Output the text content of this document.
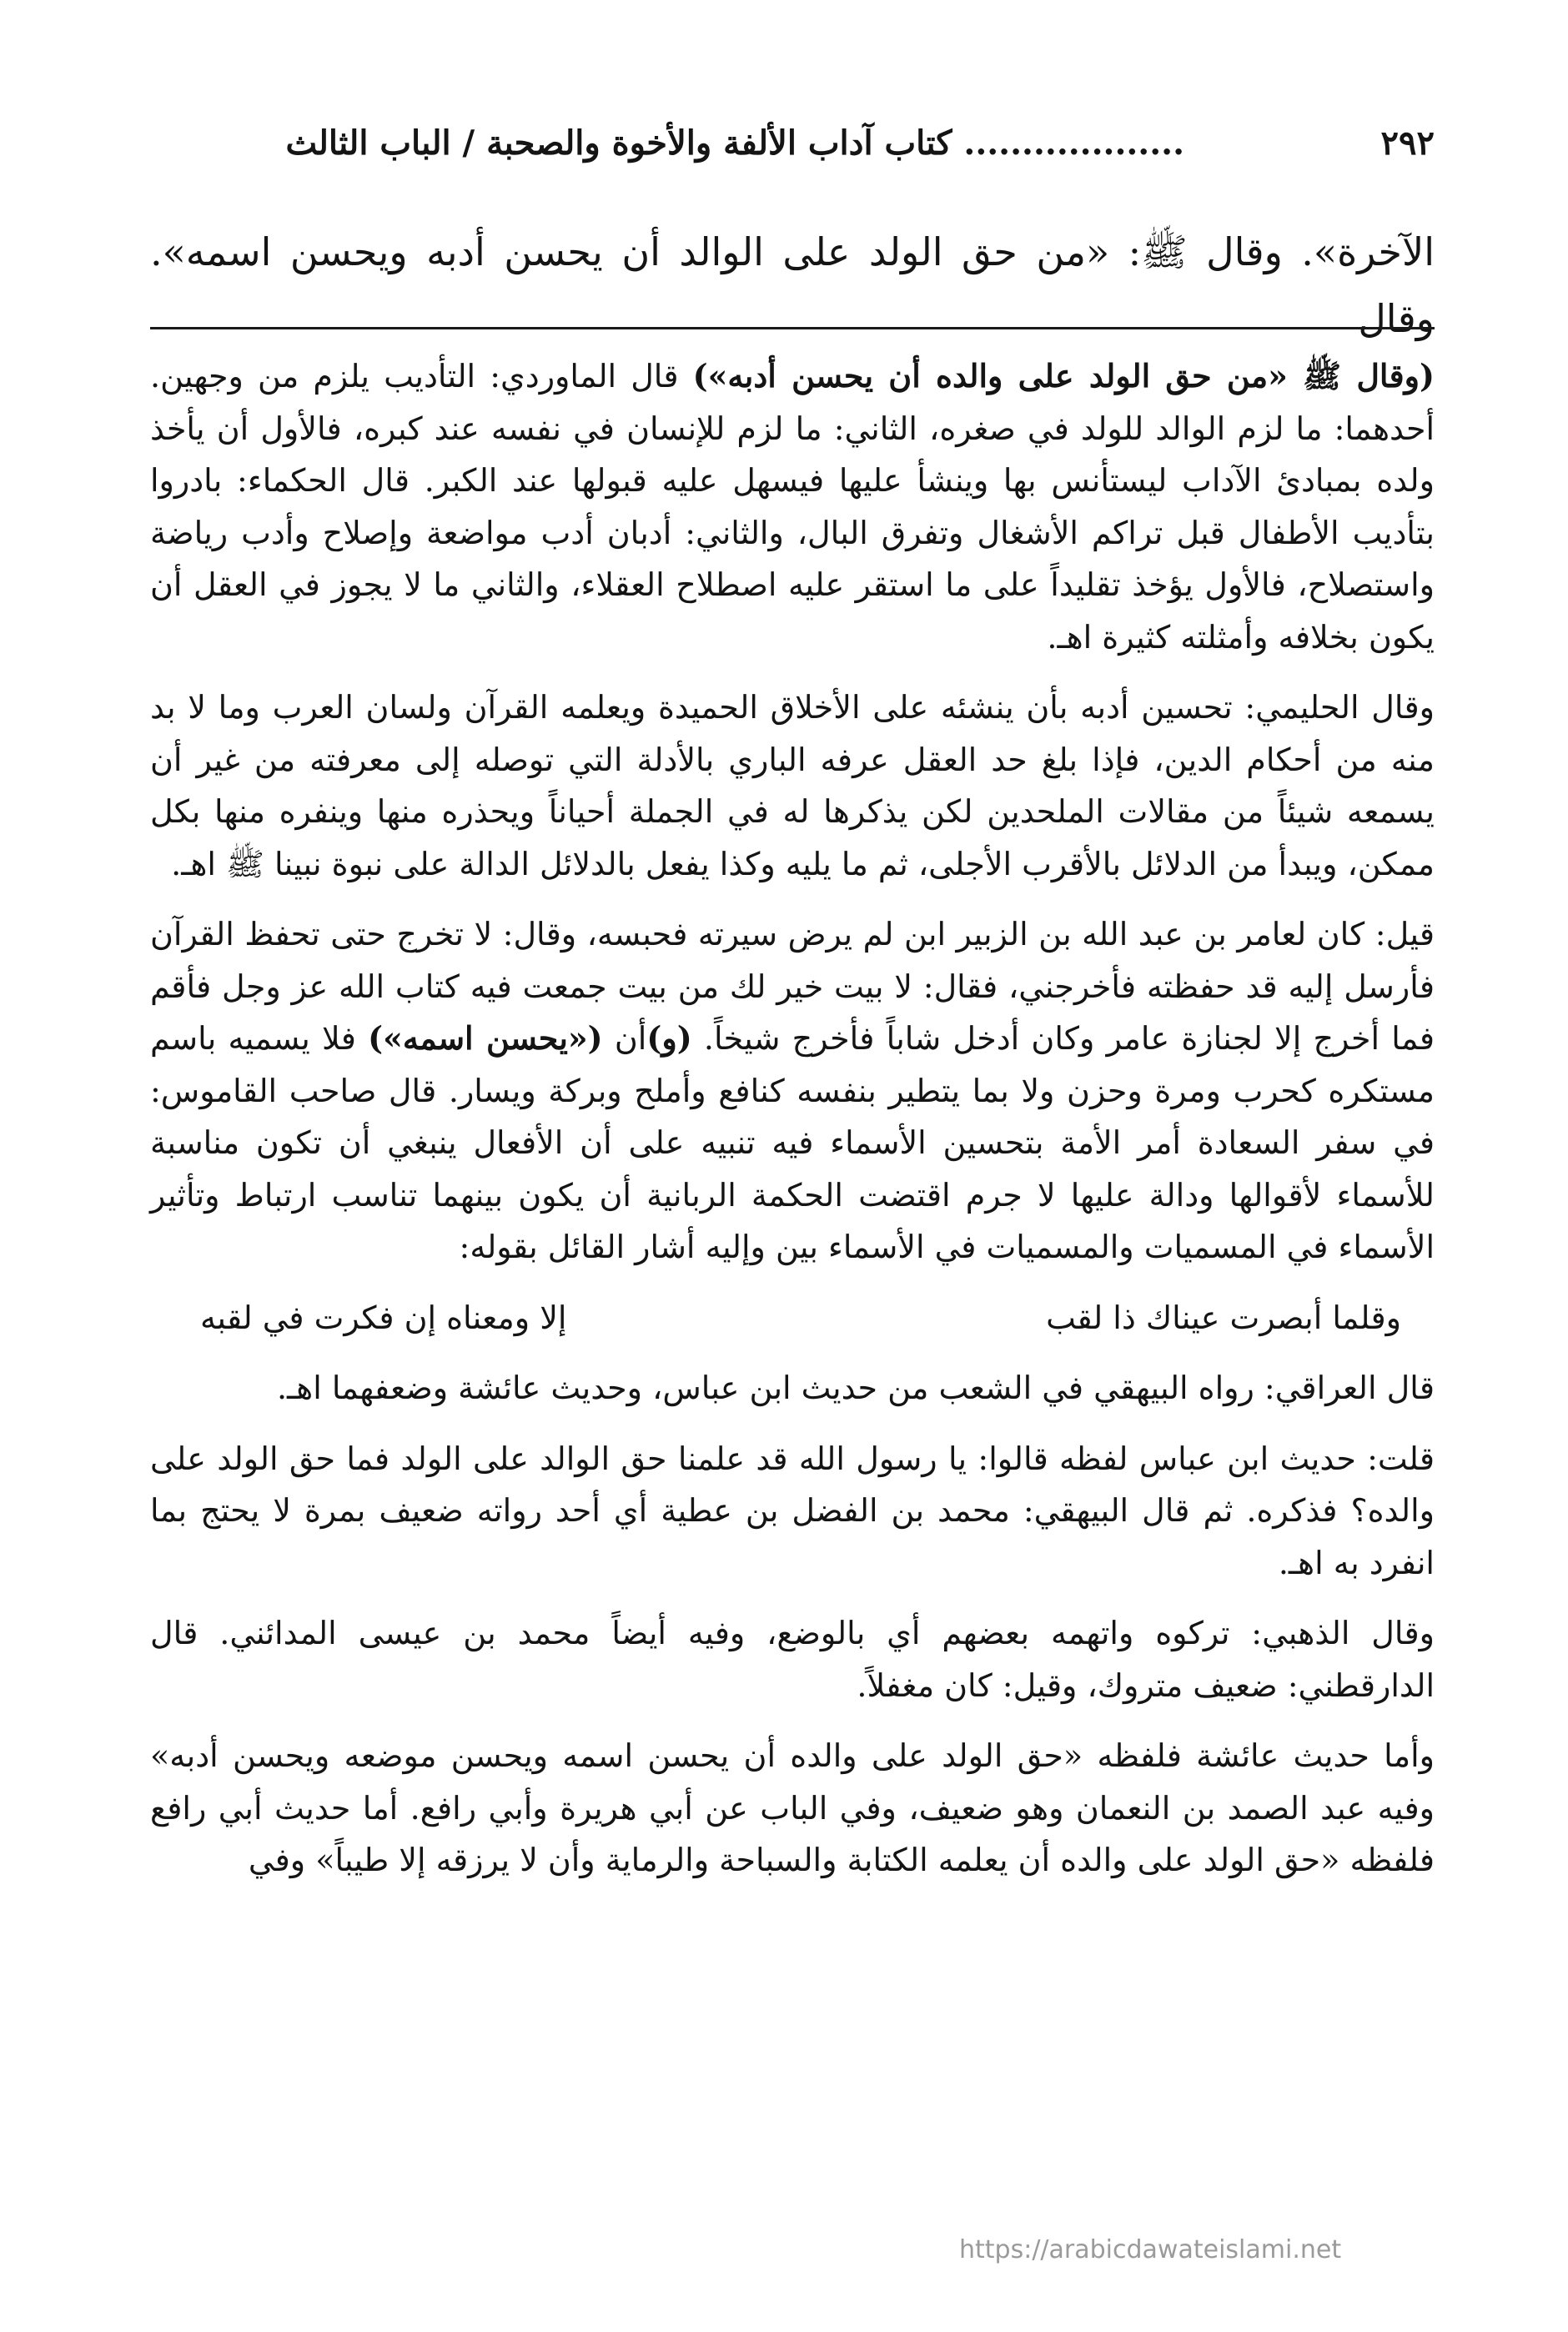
٢٩٢
................... كتاب آداب الألفة والأخوة والصحبة / الباب الثالث
الآخرة». وقال ﷺ: «من حق الولد على الوالد أن يحسن أدبه ويحسن اسمه». وقال

(وقال ﷺ «من حق الولد على والده أن يحسن أدبه») قال الماوردي: التأديب يلزم من وجهين. أحدهما: ما لزم الوالد للولد في صغره، الثاني: ما لزم للإنسان في نفسه عند كبره، فالأول أن يأخذ ولده بمبادئ الآداب ليستأنس بها وينشأ عليها فيسهل عليه قبولها عند الكبر. قال الحكماء: بادروا بتأديب الأطفال قبل تراكم الأشغال وتفرق البال، والثاني: أدبان أدب مواضعة وإصلاح وأدب رياضة واستصلاح، فالأول يؤخذ تقليداً على ما استقر عليه اصطلاح العقلاء، والثاني ما لا يجوز في العقل أن يكون بخلافه وأمثلته كثيرة اهـ.

وقال الحليمي: تحسين أدبه بأن ينشئه على الأخلاق الحميدة ويعلمه القرآن ولسان العرب وما لا بد منه من أحكام الدين، فإذا بلغ حد العقل عرفه الباري بالأدلة التي توصله إلى معرفته من غير أن يسمعه شيئاً من مقالات الملحدين لكن يذكرها له في الجملة أحياناً ويحذره منها وينفره منها بكل ممكن، ويبدأ من الدلائل بالأقرب الأجلى، ثم ما يليه وكذا يفعل بالدلائل الدالة على نبوة نبينا ﷺ اهـ.

قيل: كان لعامر بن عبد الله بن الزبير ابن لم يرض سيرته فحبسه، وقال: لا تخرج حتى تحفظ القرآن فأرسل إليه قد حفظته فأخرجني، فقال: لا بيت خير لك من بيت جمعت فيه كتاب الله عز وجل فأقم فما أخرج إلا لجنازة عامر وكان أدخل شاباً فأخرج شيخاً. (و)أن («يحسن اسمه») فلا يسميه باسم مستكره كحرب ومرة وحزن ولا بما يتطير بنفسه كنافع وأملح وبركة ويسار. قال صاحب القاموس: في سفر السعادة أمر الأمة بتحسين الأسماء فيه تنبيه على أن الأفعال ينبغي أن تكون مناسبة للأسماء لأقوالها ودالة عليها لا جرم اقتضت الحكمة الربانية أن يكون بينهما تناسب ارتباط وتأثير الأسماء في المسميات والمسميات في الأسماء بين وإليه أشار القائل بقوله:

وقلما أبصرت عيناك ذا لقب
إلا ومعناه إن فكرت في لقبه

قال العراقي: رواه البيهقي في الشعب من حديث ابن عباس، وحديث عائشة وضعفهما اهـ.

قلت: حديث ابن عباس لفظه قالوا: يا رسول الله قد علمنا حق الوالد على الولد فما حق الولد على والده؟ فذكره. ثم قال البيهقي: محمد بن الفضل بن عطية أي أحد رواته ضعيف بمرة لا يحتج بما انفرد به اهـ.

وقال الذهبي: تركوه واتهمه بعضهم أي بالوضع، وفيه أيضاً محمد بن عيسى المدائني. قال الدارقطني: ضعيف متروك، وقيل: كان مغفلاً.

وأما حديث عائشة فلفظه «حق الولد على والده أن يحسن اسمه ويحسن موضعه ويحسن أدبه» وفيه عبد الصمد بن النعمان وهو ضعيف، وفي الباب عن أبي هريرة وأبي رافع. أما حديث أبي رافع فلفظه «حق الولد على والده أن يعلمه الكتابة والسباحة والرماية وأن لا يرزقه إلا طيباً» وفي

https://arabicdawateislami.net
